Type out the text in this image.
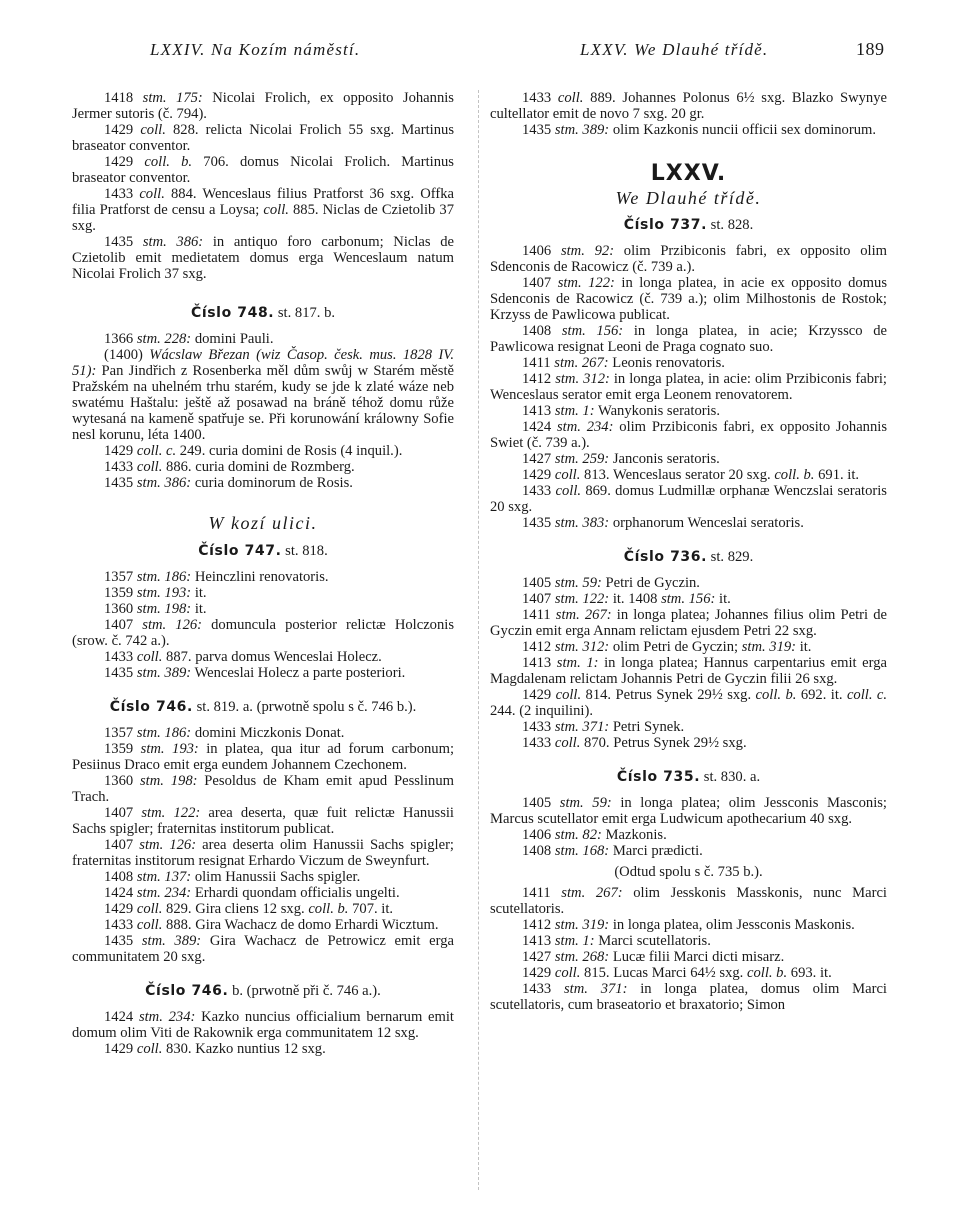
LXXIV. Na Kozím náměstí.	LXXV. We Dlauhé třídě.	189

1418 stm. 175: Nicolai Frolich, ex opposito Johannis Jermer sutoris (č. 794).

1429 coll. 828. relicta Nicolai Frolich 55 sxg. Martinus braseator conventor.

1429 coll. b. 706. domus Nicolai Frolich. Martinus braseator conventor.

1433 coll. 884. Wenceslaus filius Pratforst 36 sxg. Offka filia Pratforst de censu a Loysa; coll. 885. Niclas de Czietolib 37 sxg.

1435 stm. 386: in antiquo foro carbonum; Niclas de Czietolib emit medietatem domus erga Wenceslaum natum Nicolai Frolich 37 sxg.

Číslo 748. st. 817. b.

1366 stm. 228: domini Pauli.

(1400) Wácslaw Březan (wiz Časop. česk. mus. 1828 IV. 51): Pan Jindřich z Rosenberka měl dům swůj w Starém městě Pražském na uhelném trhu starém, kudy se jde k zlaté wáze neb swatému Haštalu: ještě až posawad na bráně téhož domu růže wytesaná na kameně spatřuje se. Při korunowání králowny Sofie nesl korunu, léta 1400.

1429 coll. c. 249. curia domini de Rosis (4 inquil.).

1433 coll. 886. curia domini de Rozmberg.

1435 stm. 386: curia dominorum de Rosis.

W kozí ulici.

Číslo 747. st. 818.

1357 stm. 186: Heinczlini renovatoris.

1359 stm. 193: it.

1360 stm. 198: it.

1407 stm. 126: domuncula posterior relictæ Holczonis (srow. č. 742 a.).

1433 coll. 887. parva domus Wenceslai Holecz.

1435 stm. 389: Wenceslai Holecz a parte posteriori.

Číslo 746. st. 819. a. (prwotně spolu s č. 746 b.).

1357 stm. 186: domini Miczkonis Donat.

1359 stm. 193: in platea, qua itur ad forum carbonum; Pesiinus Draco emit erga eundem Johannem Czechonem.

1360 stm. 198: Pesoldus de Kham emit apud Pesslinum Trach.

1407 stm. 122: area deserta, quæ fuit relictæ Hanussii Sachs spigler; fraternitas institorum publicat.

1407 stm. 126: area deserta olim Hanussii Sachs spigler; fraternitas institorum resignat Erhardo Viczum de Sweynfurt.

1408 stm. 137: olim Hanussii Sachs spigler.

1424 stm. 234: Erhardi quondam officialis ungelti.

1429 coll. 829. Gira cliens 12 sxg. coll. b. 707. it.

1433 coll. 888. Gira Wachacz de domo Erhardi Wicztum.

1435 stm. 389: Gira Wachacz de Petrowicz emit erga communitatem 20 sxg.

Číslo 746. b. (prwotně při č. 746 a.).

1424 stm. 234: Kazko nuncius officialium bernarum emit domum olim Viti de Rakownik erga communitatem 12 sxg.

1429 coll. 830. Kazko nuntius 12 sxg.

1433 coll. 889. Johannes Polonus 6½ sxg. Blazko Swynye cultellator emit de novo 7 sxg. 20 gr.

1435 stm. 389: olim Kazkonis nuncii officii sex dominorum.

LXXV.

We Dlauhé třídě.

Číslo 737. st. 828.

1406 stm. 92: olim Przibiconis fabri, ex opposito olim Sdenconis de Racowicz (č. 739 a.).

1407 stm. 122: in longa platea, in acie ex opposito domus Sdenconis de Racowicz (č. 739 a.); olim Milhostonis de Rostok; Krzyss de Pawlicowa publicat.

1408 stm. 156: in longa platea, in acie; Krzyssco de Pawlicowa resignat Leoni de Praga cognato suo.

1411 stm. 267: Leonis renovatoris.

1412 stm. 312: in longa platea, in acie: olim Przibiconis fabri; Wenceslaus serator emit erga Leonem renovatorem.

1413 stm. 1: Wanykonis seratoris.

1424 stm. 234: olim Przibiconis fabri, ex opposito Johannis Swiet (č. 739 a.).

1427 stm. 259: Janconis seratoris.

1429 coll. 813. Wenceslaus serator 20 sxg. coll. b. 691. it.

1433 coll. 869. domus Ludmillæ orphanæ Wenczslai seratoris 20 sxg.

1435 stm. 383: orphanorum Wenceslai seratoris.

Číslo 736. st. 829.

1405 stm. 59: Petri de Gyczin.

1407 stm. 122: it. 1408 stm. 156: it.

1411 stm. 267: in longa platea; Johannes filius olim Petri de Gyczin emit erga Annam relictam ejusdem Petri 22 sxg.

1412 stm. 312: olim Petri de Gyczin; stm. 319: it.

1413 stm. 1: in longa platea; Hannus carpentarius emit erga Magdalenam relictam Johannis Petri de Gyczin filii 26 sxg.

1429 coll. 814. Petrus Synek 29½ sxg. coll. b. 692. it. coll. c. 244. (2 inquilini).

1433 stm. 371: Petri Synek.

1433 coll. 870. Petrus Synek 29½ sxg.

Číslo 735. st. 830. a.

1405 stm. 59: in longa platea; olim Jessconis Masconis; Marcus scutellator emit erga Ludwicum apothecarium 40 sxg.

1406 stm. 82: Mazkonis.

1408 stm. 168: Marci prædicti.

(Odtud spolu s č. 735 b.).

1411 stm. 267: olim Jesskonis Masskonis, nunc Marci scutellatoris.

1412 stm. 319: in longa platea, olim Jessconis Maskonis.

1413 stm. 1: Marci scutellatoris.

1427 stm. 268: Lucæ filii Marci dicti misarz.

1429 coll. 815. Lucas Marci 64½ sxg. coll. b. 693. it.

1433 stm. 371: in longa platea, domus olim Marci scutellatoris, cum braseatorio et braxatorio; Simon
